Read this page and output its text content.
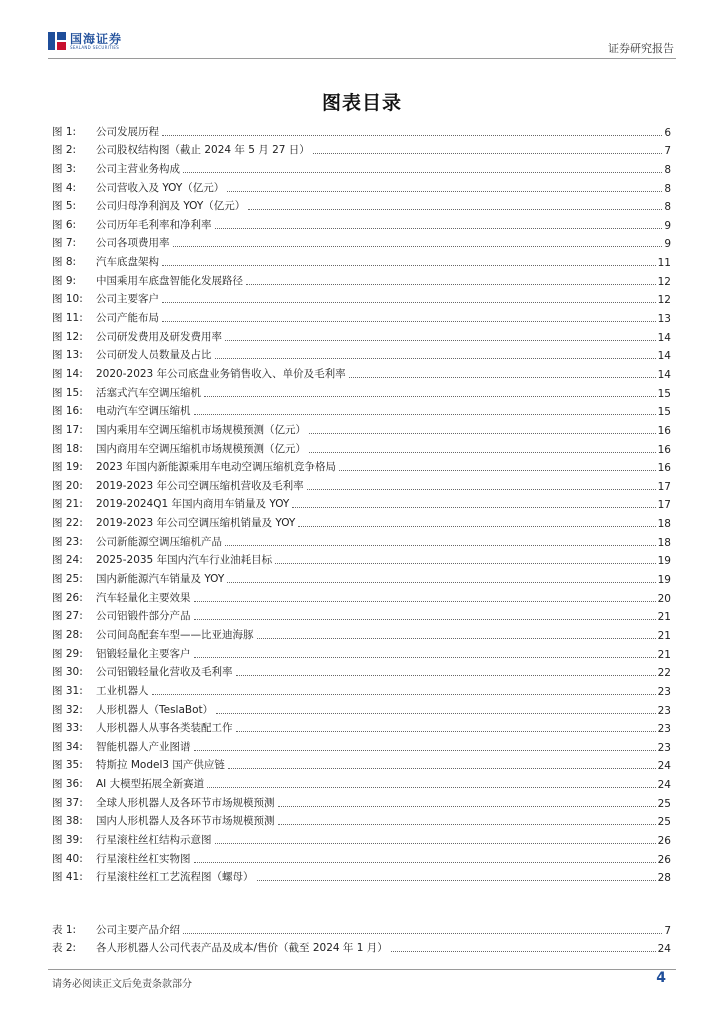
国海证券
SEALAND SECURITIES	证券研究报告
图表目录
图 1:	公司发展历程	6
图 2:	公司股权结构图（截止 2024 年 5 月 27 日）	7
图 3:	公司主营业务构成	8
图 4:	公司营收入及 YOY（亿元）	8
图 5:	公司归母净利润及 YOY（亿元）	8
图 6:	公司历年毛利率和净利率	9
图 7:	公司各项费用率	9
图 8:	汽车底盘架构	11
图 9:	中国乘用车底盘智能化发展路径	12
图 10:	公司主要客户	12
图 11:	公司产能布局	13
图 12:	公司研发费用及研发费用率	14
图 13:	公司研发人员数量及占比	14
图 14:	2020-2023 年公司底盘业务销售收入、单价及毛利率	14
图 15:	活塞式汽车空调压缩机	15
图 16:	电动汽车空调压缩机	15
图 17:	国内乘用车空调压缩机市场规模预测（亿元）	16
图 18:	国内商用车空调压缩机市场规模预测（亿元）	16
图 19:	2023 年国内新能源乘用车电动空调压缩机竞争格局	16
图 20:	2019-2023 年公司空调压缩机营收及毛利率	17
图 21:	2019-2024Q1 年国内商用车销量及 YOY	17
图 22:	2019-2023 年公司空调压缩机销量及 YOY	18
图 23:	公司新能源空调压缩机产品	18
图 24:	2025-2035 年国内汽车行业油耗目标	19
图 25:	国内新能源汽车销量及 YOY	19
图 26:	汽车轻量化主要效果	20
图 27:	公司铝锻件部分产品	21
图 28:	公司间岛配套车型——比亚迪海豚	21
图 29:	铝锻轻量化主要客户	21
图 30:	公司铝锻轻量化营收及毛利率	22
图 31:	工业机器人	23
图 32:	人形机器人（TeslaBot）	23
图 33:	人形机器人从事各类装配工作	23
图 34:	智能机器人产业图谱	23
图 35:	特斯拉 Model3 国产供应链	24
图 36:	AI 大模型拓展全新赛道	24
图 37:	全球人形机器人及各环节市场规模预测	25
图 38:	国内人形机器人及各环节市场规模预测	25
图 39:	行星滚柱丝杠结构示意图	26
图 40:	行星滚柱丝杠实物图	26
图 41:	行星滚柱丝杠工艺流程图（螺母）	28
表 1:	公司主要产品介绍	7
表 2:	各人形机器人公司代表产品及成本/售价（截至 2024 年 1 月）	24
请务必阅读正文后免责条款部分	4
